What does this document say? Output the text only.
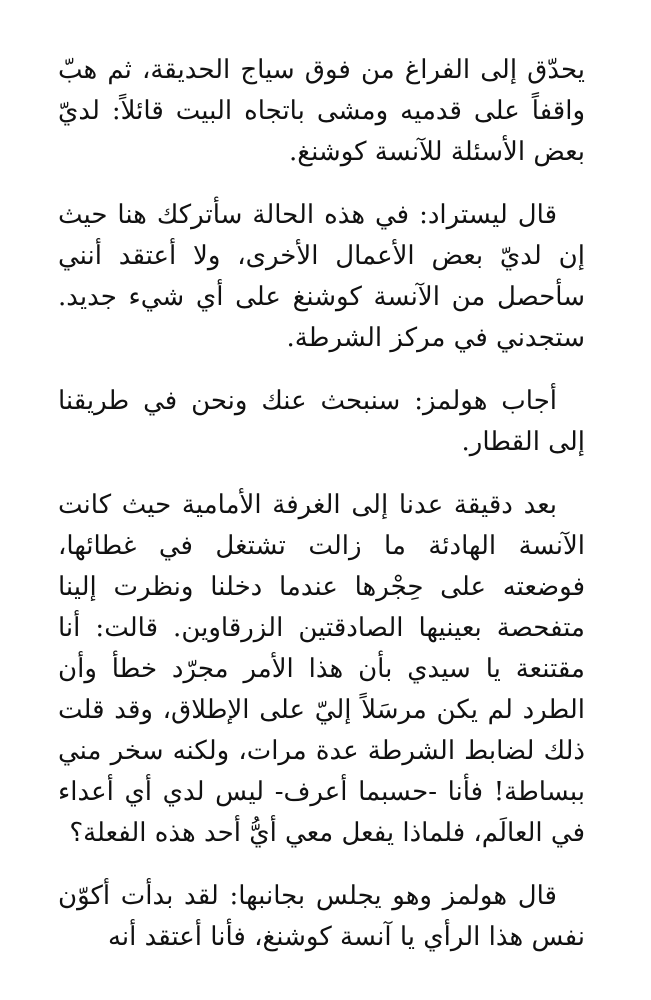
يحدّق إلى الفراغ من فوق سياج الحديقة، ثم هبّ واقفاً على قدميه ومشى باتجاه البيت قائلاً: لديّ بعض الأسئلة للآنسة كوشنغ.

قال ليستراد: في هذه الحالة سأتركك هنا حيث إن لديّ بعض الأعمال الأخرى، ولا أعتقد أنني سأحصل من الآنسة كوشنغ على أي شيء جديد. ستجدني في مركز الشرطة.

أجاب هولمز: سنبحث عنك ونحن في طريقنا إلى القطار.

بعد دقيقة عدنا إلى الغرفة الأمامية حيث كانت الآنسة الهادئة ما زالت تشتغل في غطائها، فوضعته على حِجْرها عندما دخلنا ونظرت إلينا متفحصة بعينيها الصادقتين الزرقاوين. قالت: أنا مقتنعة يا سيدي بأن هذا الأمر مجرّد خطأ وأن الطرد لم يكن مرسَلاً إليّ على الإطلاق، وقد قلت ذلك لضابط الشرطة عدة مرات، ولكنه سخر مني ببساطة! فأنا -حسبما أعرف- ليس لدي أي أعداء في العالَم، فلماذا يفعل معي أيُّ أحد هذه الفعلة؟

قال هولمز وهو يجلس بجانبها: لقد بدأت أكوّن نفس هذا الرأي يا آنسة كوشنغ، فأنا أعتقد أنه
